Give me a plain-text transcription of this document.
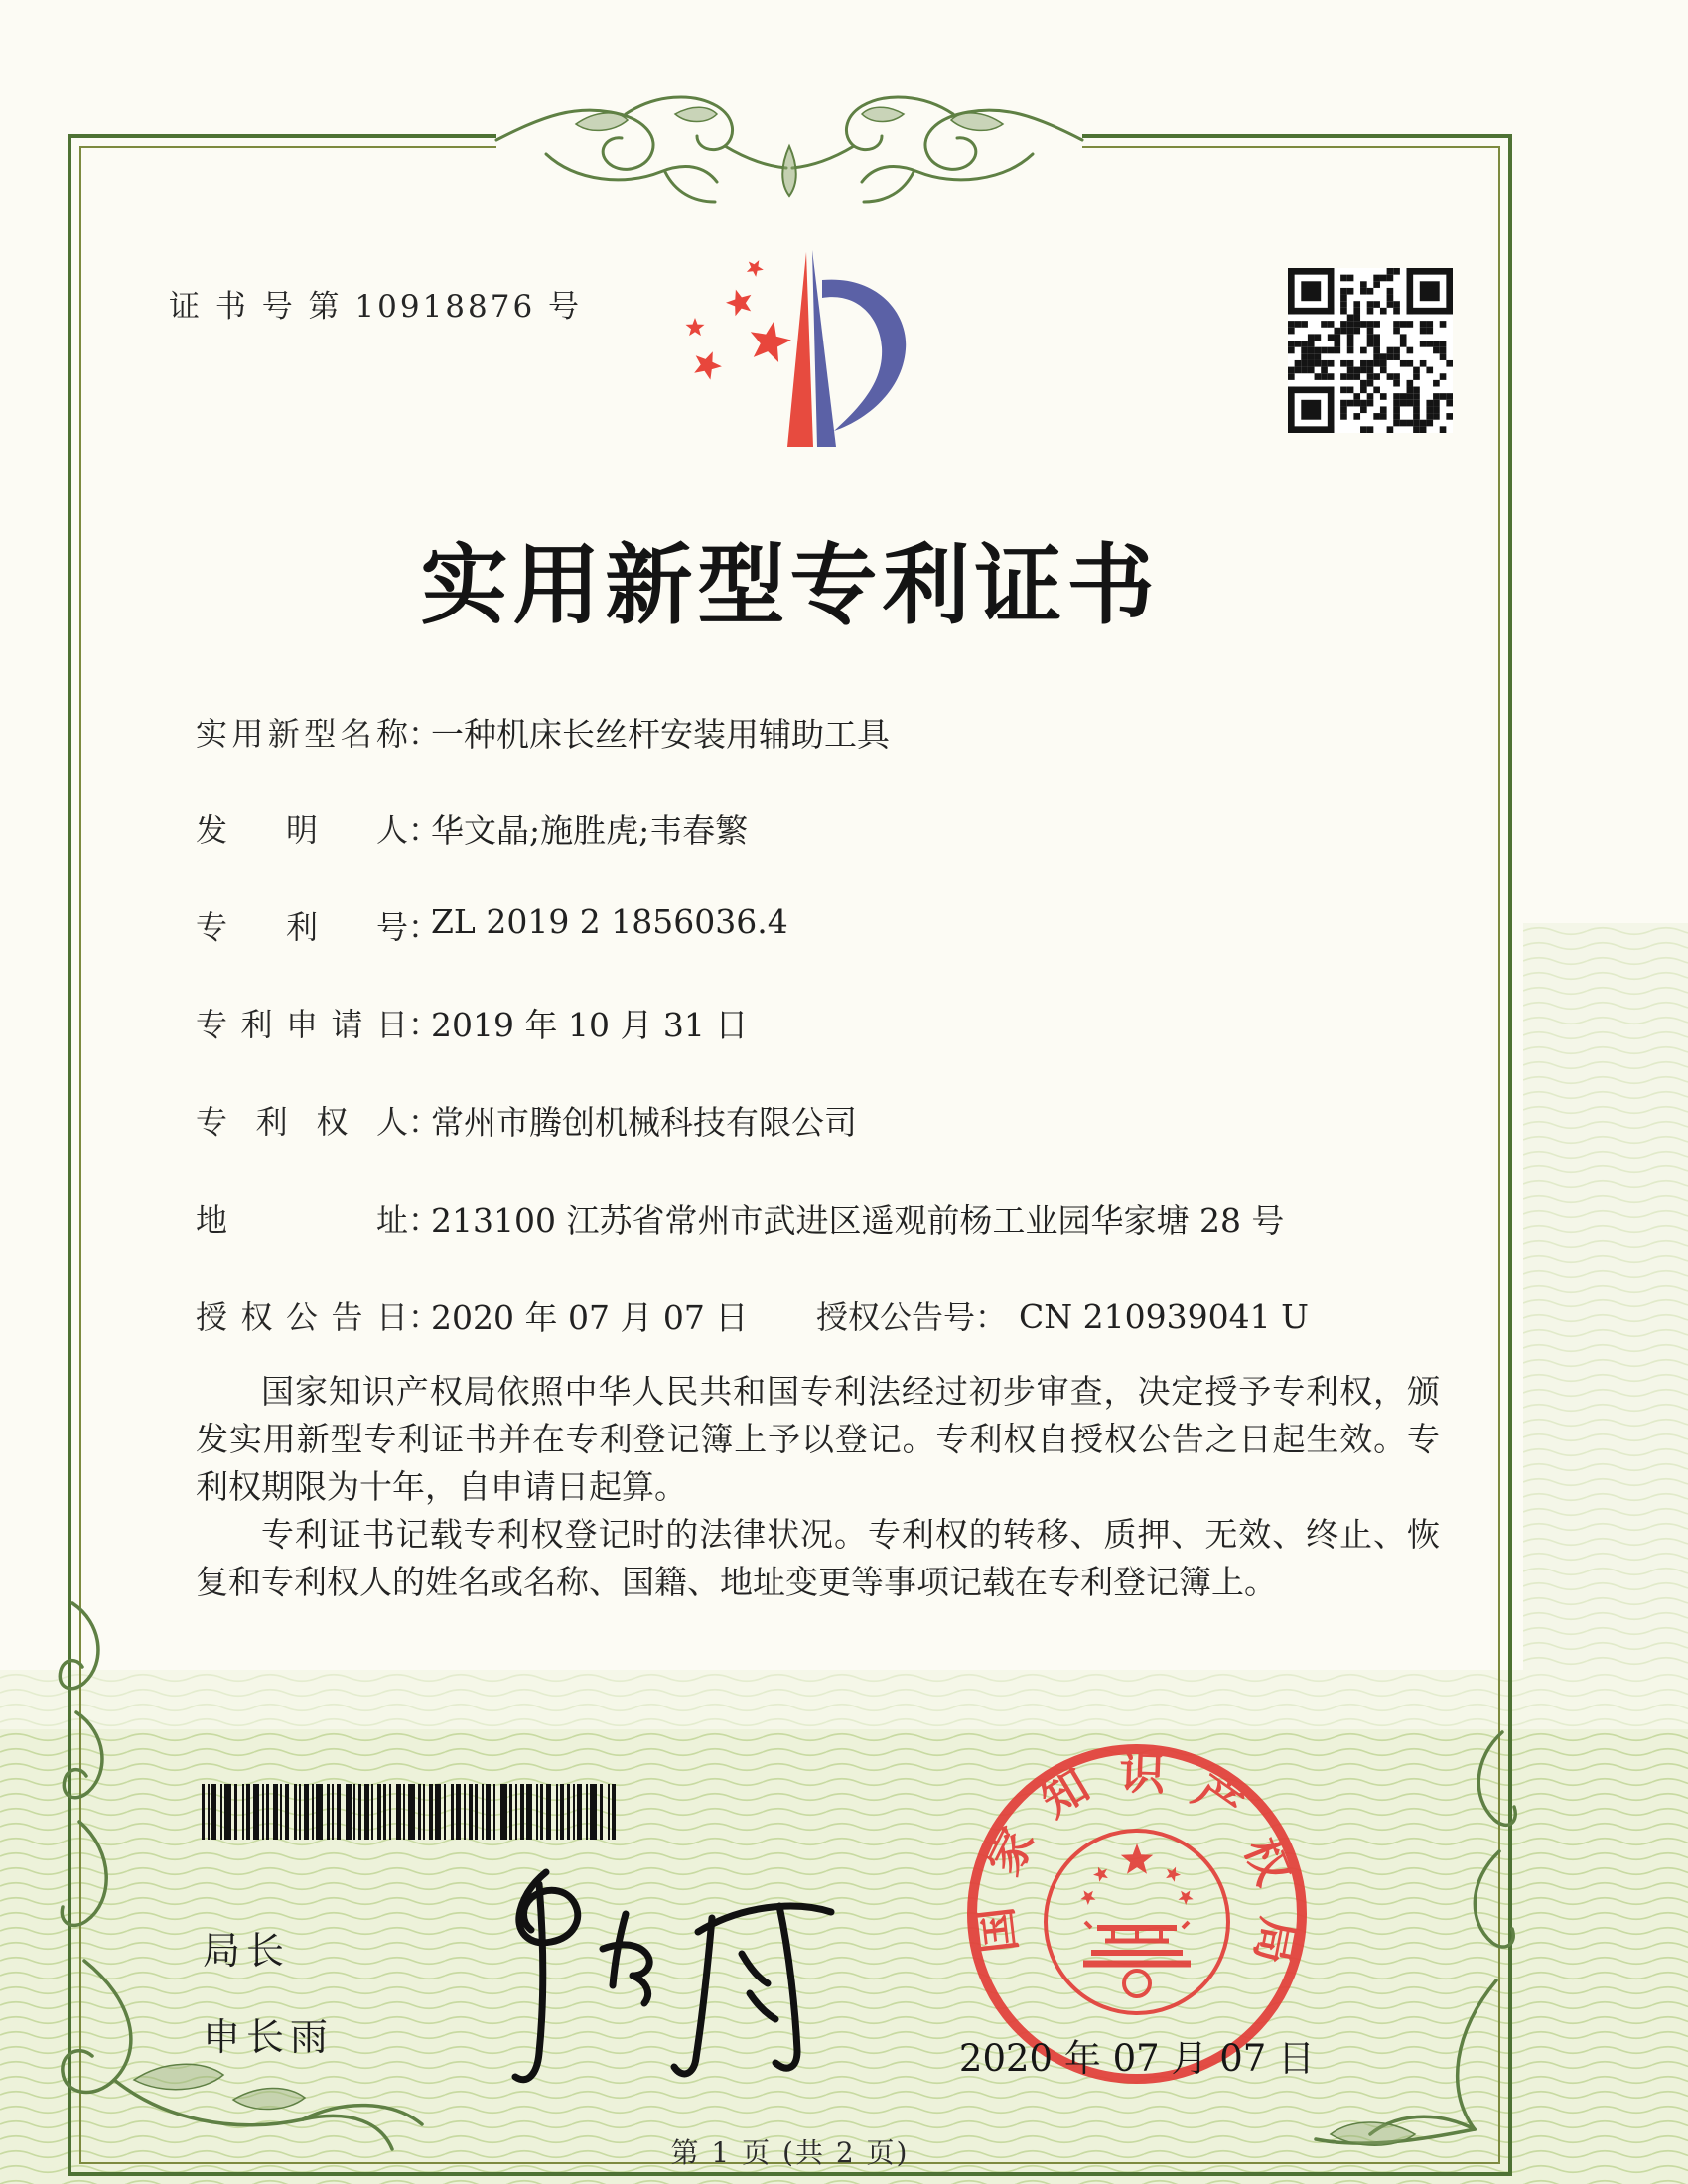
证 书 号 第 10918876 号
实用新型专利证书
实用新型名称 ：
一种机床长丝杆安装用辅助工具
发明人 ：
华文晶;施胜虎;韦春繁
专利号 ：
ZL 2019 2 1856036.4
专利申请日 ：
2019 年 10 月 31 日
专利权人 ：
常州市腾创机械科技有限公司
地址 ：
213100 江苏省常州市武进区遥观前杨工业园华家塘 28 号
授权公告日 ：
2020 年 07 月 07 日 授权公告号： CN 210939041 U

国家知识产权局依照中华人民共和国专利法经过初步审查，决定授予专利权，颁发实用新型专利证书并在专利登记簿上予以登记。专利权自授权公告之日起生效。专利权期限为十年，自申请日起算。

专利证书记载专利权登记时的法律状况。专利权的转移、质押、无效、终止、恢复和专利权人的姓名或名称、国籍、地址变更等事项记载在专利登记簿上。

局长
申长雨
国家知识产权局
2020 年 07 月 07 日
第 1 页 (共 2 页)
